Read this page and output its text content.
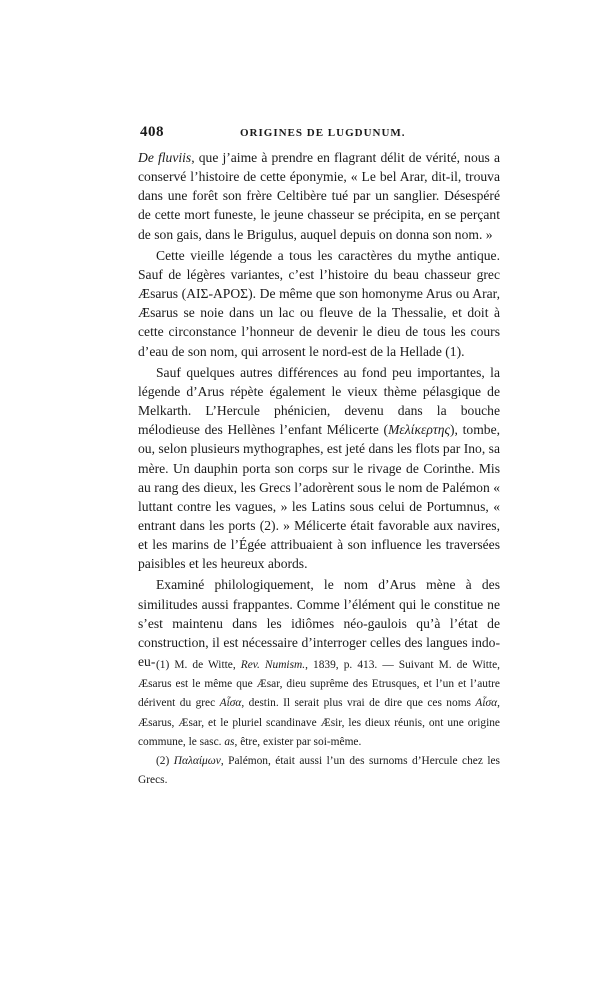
408	ORIGINES DE LUGDUNUM.

De fluviis, que j’aime à prendre en flagrant délit de vérité, nous a conservé l’histoire de cette éponymie, « Le bel Arar, dit-il, trouva dans une forêt son frère Celtibère tué par un sanglier. Désespéré de cette mort funeste, le jeune chasseur se précipita, en se perçant de son gais, dans le Brigulus, auquel depuis on donna son nom. »

Cette vieille légende a tous les caractères du mythe antique. Sauf de légères variantes, c’est l’histoire du beau chasseur grec Æsarus (ΑΙΣ-ΑΡΟΣ). De même que son homonyme Arus ou Arar, Æsarus se noie dans un lac ou fleuve de la Thessalie, et doit à cette circonstance l’honneur de devenir le dieu de tous les cours d’eau de son nom, qui arrosent le nord-est de la Hellade (1).

Sauf quelques autres différences au fond peu importantes, la légende d’Arus répète également le vieux thème pélasgique de Melkarth. L’Hercule phénicien, devenu dans la bouche mélodieuse des Hellènes l’enfant Mélicerte (Μελίκερτης), tombe, ou, selon plusieurs mythographes, est jeté dans les flots par Ino, sa mère. Un dauphin porta son corps sur le rivage de Corinthe. Mis au rang des dieux, les Grecs l’adorèrent sous le nom de Palémon « luttant contre les vagues, » les Latins sous celui de Portumnus, « entrant dans les ports (2). » Mélicerte était favorable aux navires, et les marins de l’Égée attribuaient à son influence les traversées paisibles et les heureux abords.

Examiné philologiquement, le nom d’Arus mène à des similitudes aussi frappantes. Comme l’élément qui le constitue ne s’est maintenu dans les idiômes néo-gaulois qu’à l’état de construction, il est nécessaire d’interroger celles des langues indo-eu- (1) M. de Witte, Rev. Numism., 1839, p. 413. — Suivant M. de Witte, Æsarus est le même que Æsar, dieu suprême des Etrusques, et l’un et l’autre dérivent du grec Αἶσα, destin. Il serait plus vrai de dire que ces noms Αἶσα, Æsarus, Æsar, et le pluriel scandinave Æsir, les dieux réunis, ont une origine commune, le sasc. as, être, exister par soi-même.

(2) Παλαίμων, Palémon, était aussi l’un des surnoms d’Hercule chez les Grecs.
